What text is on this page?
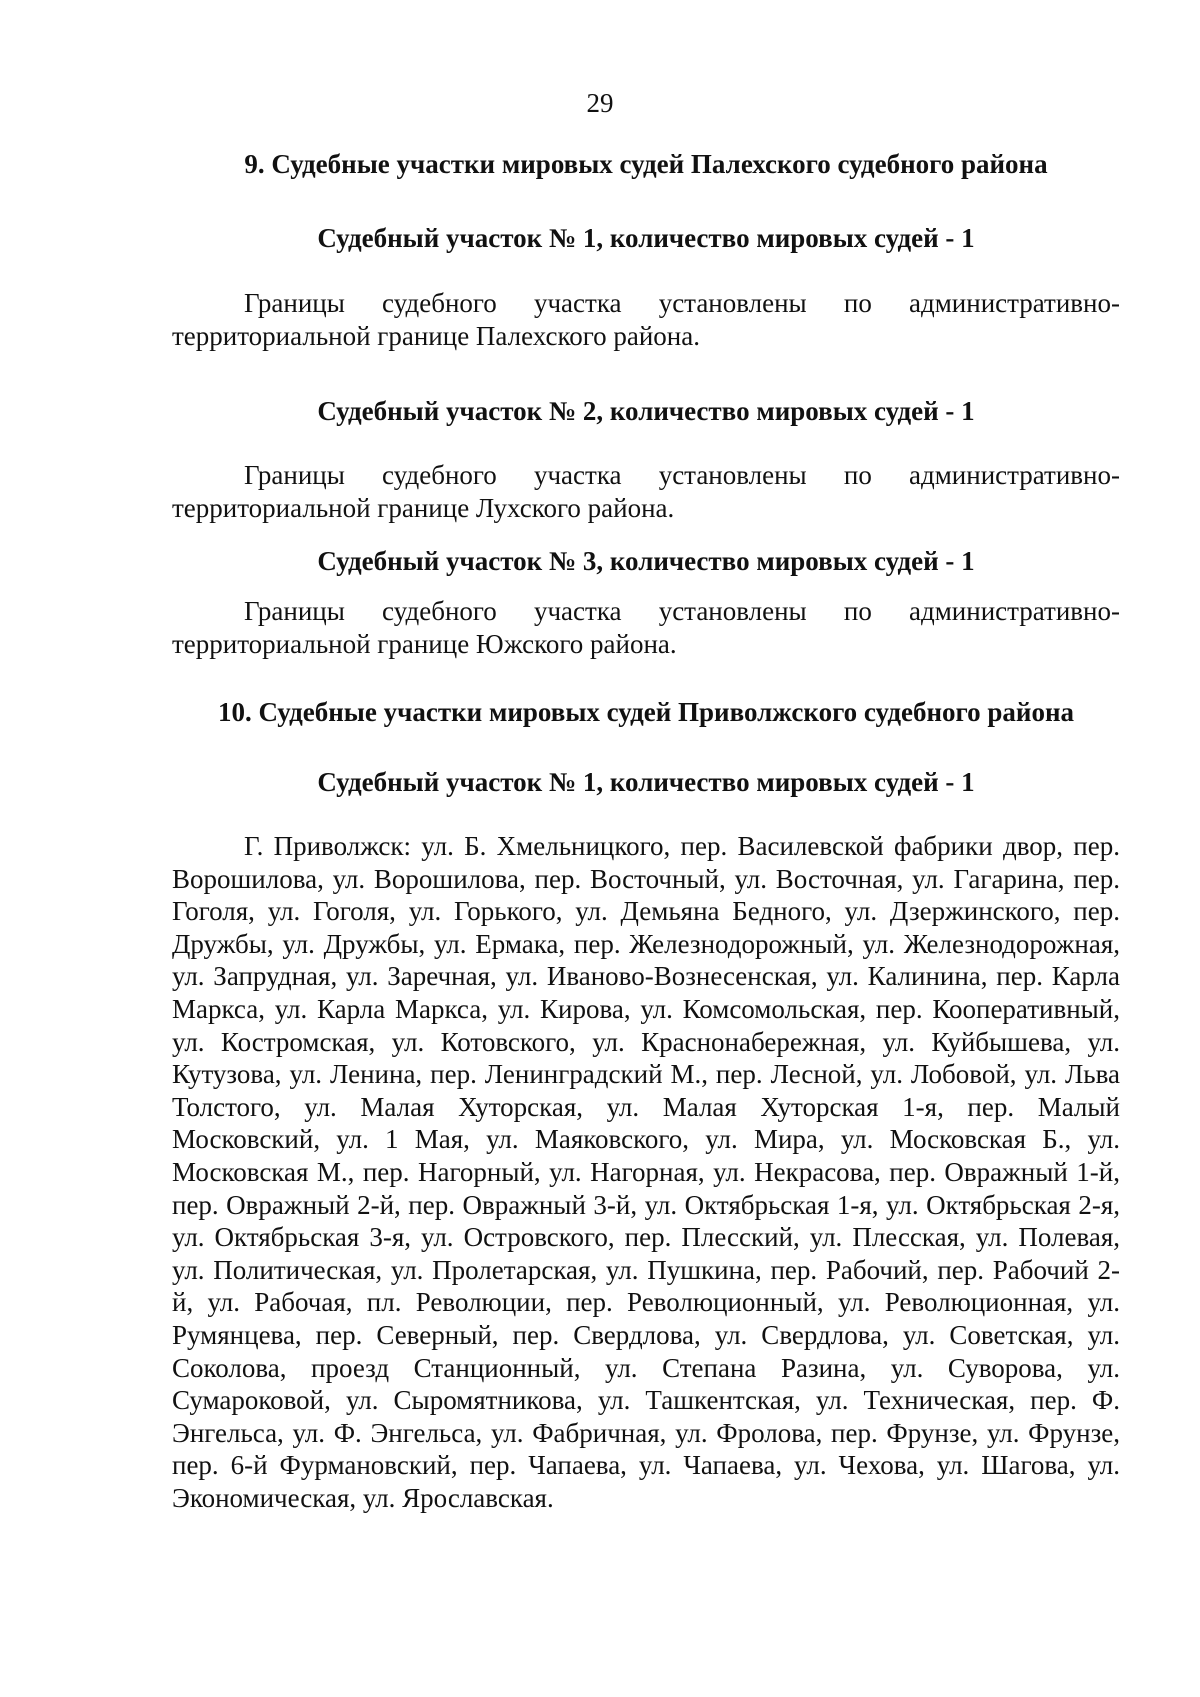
29

9. Судебные участки мировых судей Палехского судебного района

Судебный участок № 1, количество мировых судей - 1

Границы судебного участка установлены по административно-территориальной границе Палехского района.

Судебный участок № 2, количество мировых судей - 1

Границы судебного участка установлены по административно-территориальной границе Лухского района.

Судебный участок № 3, количество мировых судей - 1

Границы судебного участка установлены по административно-территориальной границе Южского района.

10. Судебные участки мировых судей Приволжского судебного района

Судебный участок № 1, количество мировых судей - 1

Г. Приволжск: ул. Б. Хмельницкого, пер. Василевской фабрики двор, пер. Ворошилова, ул. Ворошилова, пер. Восточный, ул. Восточная, ул. Гагарина, пер. Гоголя, ул. Гоголя, ул. Горького, ул. Демьяна Бедного, ул. Дзержинского, пер. Дружбы, ул. Дружбы, ул. Ермака, пер. Железнодорожный, ул. Железнодорожная, ул. Запрудная, ул. Заречная, ул. Иваново-Вознесенская, ул. Калинина, пер. Карла Маркса, ул. Карла Маркса, ул. Кирова, ул. Комсомольская, пер. Кооперативный, ул. Костромская, ул. Котовского, ул. Краснонабережная, ул. Куйбышева, ул. Кутузова, ул. Ленина, пер. Ленинградский М., пер. Лесной, ул. Лобовой, ул. Льва Толстого, ул. Малая Хуторская, ул. Малая Хуторская 1-я, пер. Малый Московский, ул. 1 Мая, ул. Маяковского, ул. Мира, ул. Московская Б., ул. Московская М., пер. Нагорный, ул. Нагорная, ул. Некрасова, пер. Овражный 1-й, пер. Овражный 2-й, пер. Овражный 3-й, ул. Октябрьская 1-я, ул. Октябрьская 2-я, ул. Октябрьская 3-я, ул. Островского, пер. Плесский, ул. Плесская, ул. Полевая, ул. Политическая, ул. Пролетарская, ул. Пушкина, пер. Рабочий, пер. Рабочий 2-й, ул. Рабочая, пл. Революции, пер. Революционный, ул. Революционная, ул. Румянцева, пер. Северный, пер. Свердлова, ул. Свердлова, ул. Советская, ул. Соколова, проезд Станционный, ул. Степана Разина, ул. Суворова, ул. Сумароковой, ул. Сыромятникова, ул. Ташкентская, ул. Техническая, пер. Ф. Энгельса, ул. Ф. Энгельса, ул. Фабричная, ул. Фролова, пер. Фрунзе, ул. Фрунзе, пер. 6-й Фурмановский, пер. Чапаева, ул. Чапаева, ул. Чехова, ул. Шагова, ул. Экономическая, ул. Ярославская.
